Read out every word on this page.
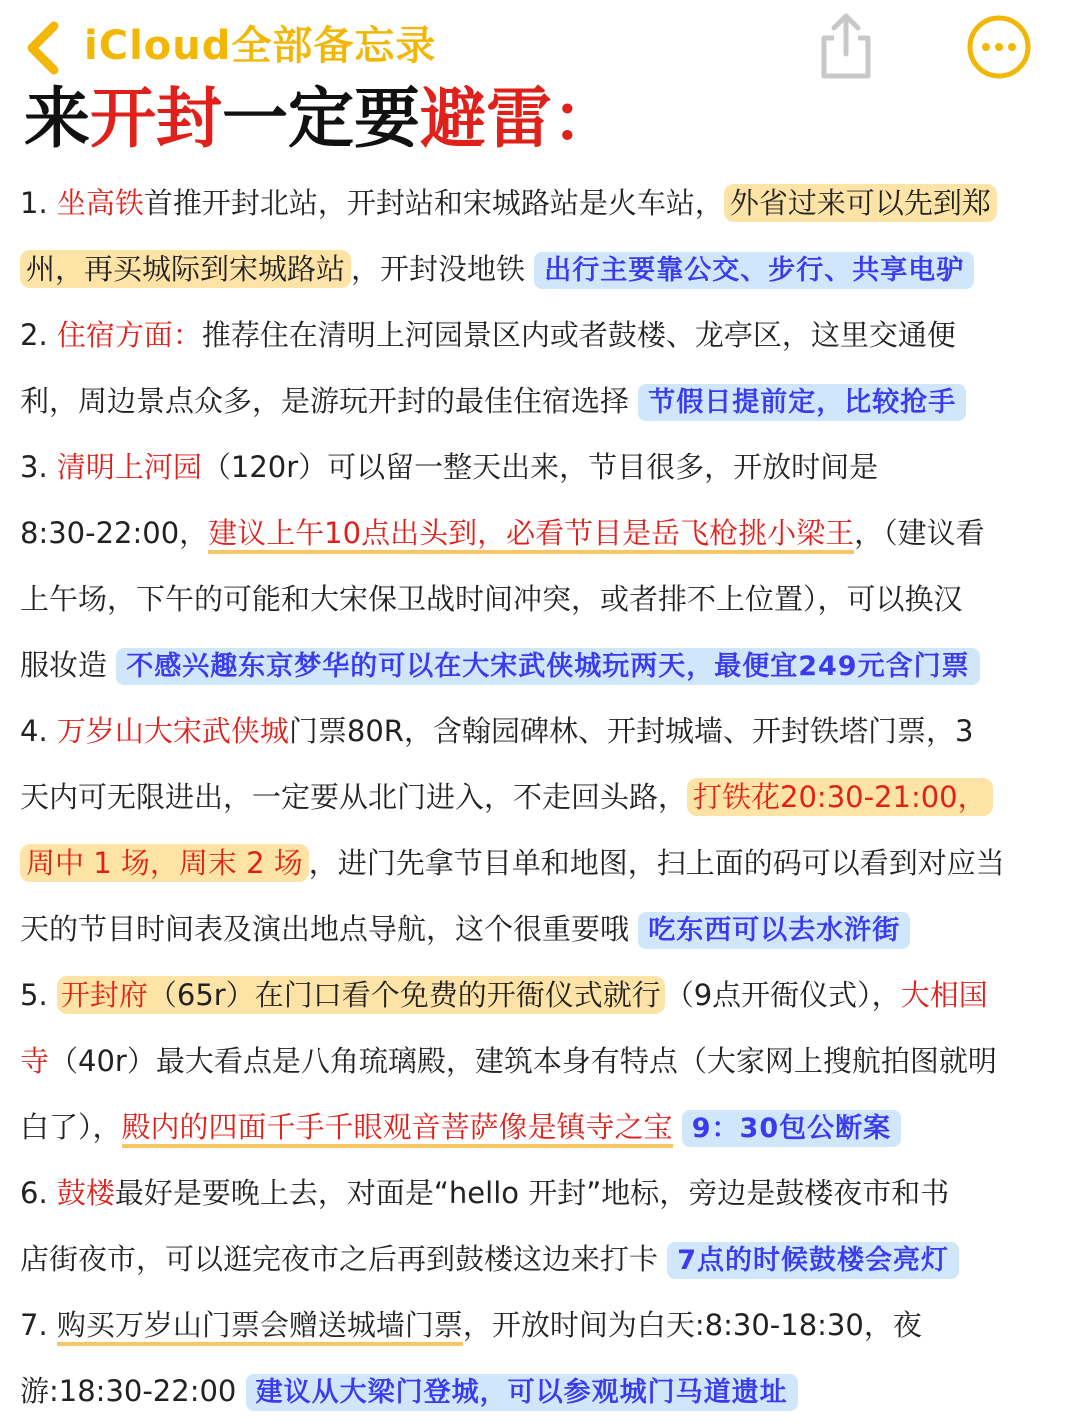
iCloud全部备忘录
来开封一定要避雷：
1. 坐高铁首推开封北站，开封站和宋城路站是火车站， 外省过来可以先到郑
州，再买城际到宋城路站 ，开封没地铁 出行主要靠公交、步行、共享电驴
2. 住宿方面：推荐住在清明上河园景区内或者鼓楼、龙亭区，这里交通便
利，周边景点众多，是游玩开封的最佳住宿选择 节假日提前定，比较抢手
3. 清明上河园（120r）可以留一整天出来，节目很多，开放时间是
8:30-22:00，建议上午10点出头到，必看节目是岳飞枪挑小梁王，（建议看
上午场，下午的可能和大宋保卫战时间冲突，或者排不上位置），可以换汉
服妆造 不感兴趣东京梦华的可以在大宋武侠城玩两天，最便宜249元含门票
4. 万岁山大宋武侠城门票80R，含翰园碑林、开封城墙、开封铁塔门票，3
天内可无限进出，一定要从北门进入，不走回头路， 打铁花20:30-21:00，
周中 1 场，周末 2 场 ，进门先拿节目单和地图，扫上面的码可以看到对应当
天的节目时间表及演出地点导航，这个很重要哦 吃东西可以去水浒街
5. 开封府（65r）在门口看个免费的开衙仪式就行 （9点开衙仪式），大相国
寺（40r）最大看点是八角琉璃殿，建筑本身有特点（大家网上搜航拍图就明
白了），殿内的四面千手千眼观音菩萨像是镇寺之宝 9：30包公断案
6. 鼓楼最好是要晚上去，对面是“hello 开封”地标，旁边是鼓楼夜市和书
店街夜市，可以逛完夜市之后再到鼓楼这边来打卡 7点的时候鼓楼会亮灯
7. 购买万岁山门票会赠送城墙门票，开放时间为白天:8:30-18:30，夜
游:18:30-22:00 建议从大梁门登城，可以参观城门马道遗址
